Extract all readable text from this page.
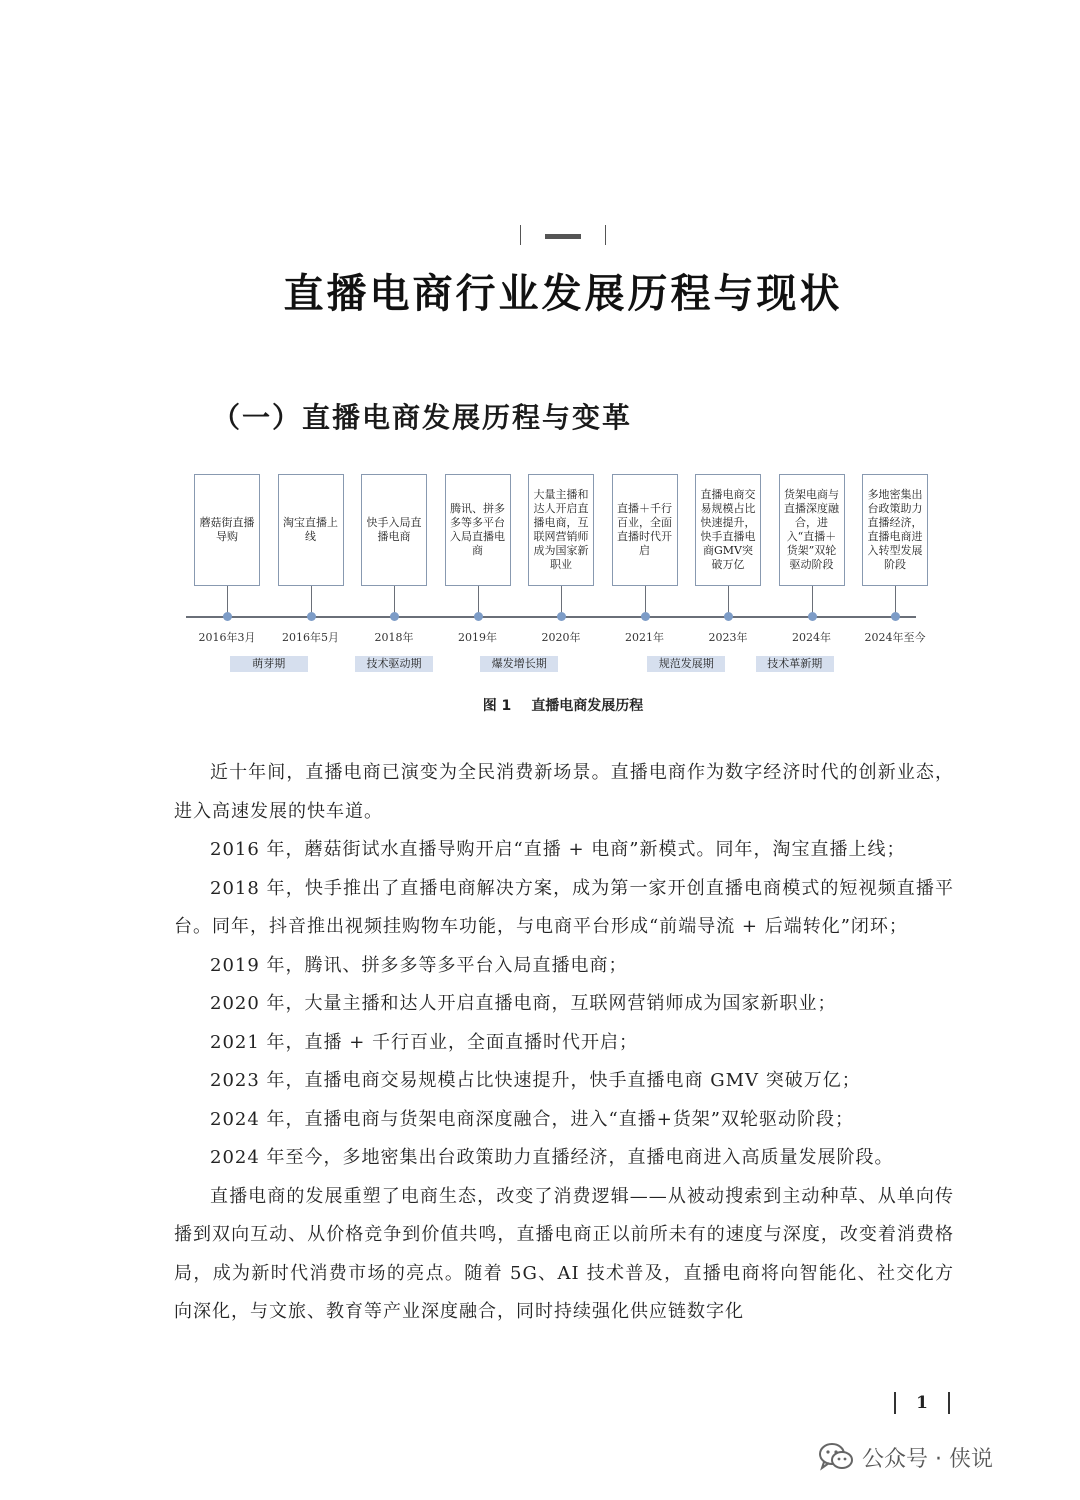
直播电商行业发展历程与现状
（一）直播电商发展历程与变革
蘑菇街直播导购
2016年3月
淘宝直播上线
2016年5月
快手入局直播电商
2018年
腾讯、拼多多等多平台入局直播电商
2019年
大量主播和达人开启直播电商，互联网营销师成为国家新职业
2020年
直播＋千行百业，全面直播时代开启
2021年
直播电商交易规模占比快速提升，快手直播电商GMV突破万亿
2023年
货架电商与直播深度融合，进入“直播＋货架”双轮驱动阶段
2024年
多地密集出台政策助力直播经济，直播电商进入转型发展阶段
2024年至今
萌芽期	技术驱动期	爆发增长期	规范发展期	技术革新期
图 1 直播电商发展历程

近十年间，直播电商已演变为全民消费新场景。直播电商作为数字经济时代的创新业态，进入高速发展的快车道。

2016 年，蘑菇街试水直播导购开启“直播 + 电商”新模式。同年，淘宝直播上线；

2018 年，快手推出了直播电商解决方案，成为第一家开创直播电商模式的短视频直播平台。同年，抖音推出视频挂购物车功能，与电商平台形成“前端导流 + 后端转化”闭环；

2019 年，腾讯、拼多多等多平台入局直播电商；

2020 年，大量主播和达人开启直播电商，互联网营销师成为国家新职业；

2021 年，直播 + 千行百业，全面直播时代开启；

2023 年，直播电商交易规模占比快速提升，快手直播电商 GMV 突破万亿；

2024 年，直播电商与货架电商深度融合，进入“直播+货架”双轮驱动阶段；

2024 年至今，多地密集出台政策助力直播经济，直播电商进入高质量发展阶段。

直播电商的发展重塑了电商生态，改变了消费逻辑——从被动搜索到主动种草、从单向传播到双向互动、从价格竞争到价值共鸣，直播电商正以前所未有的速度与深度，改变着消费格局，成为新时代消费市场的亮点。随着 5G、AI 技术普及，直播电商将向智能化、社交化方向深化，与文旅、教育等产业深度融合，同时持续强化供应链数字化

1
公众号 · 侠说
